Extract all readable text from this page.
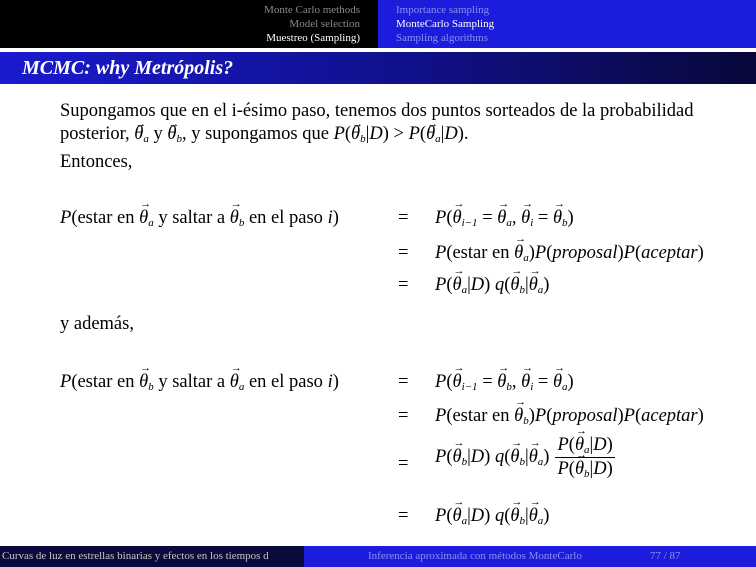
Monte Carlo methods
Model selection
Muestreo (Sampling)
Importance sampling
MonteCarlo Sampling
Sampling algorithms
MCMC: why Metrópolis?
Supongamos que en el i-ésimo paso, tenemos dos puntos sorteados de la probabilidad posterior, → $\theta_a$ $y \to \theta_b$, y supongamos que $P(\to \theta_b|D) > P(\to \theta_a|D)$.
Entonces,
P(estar en → $\theta_a$ y saltar $a \to \theta_b$ en el paso i)	= $P(\to \theta_{i-1}$ = → $\theta_a$, → $\theta_i$ = → $\theta_b$)
= P(estar en → $\theta_a)P(proposal)P(aceptar)$
= $P(\to \theta_a|D)$ $q(\to \theta_b|\to \theta_a)$
y además,
P(estar en → $\theta_b$ y saltar $a \to \theta_a$ en el paso i)	= $P(\to \theta_{i-1}$ = → $\theta_b$, → $\theta_i$ = → $\theta_a$)
= P(estar en → $\theta_b)P(proposal)P(aceptar)$
= $P(\to \theta_b|D)$ $q(\to \theta_b|\to \theta_a) \frac{P(\to \theta_a|D)}{P(\to \theta_b|D)}$
= $P(\to \theta_a|D)$ $q(\to \theta_b|\to \theta_a)$
Curvas de luz en estrellas binarias y efectos en los tiempos d	Inferencia aproximada con métodos MonteCarlo	77 / 87
